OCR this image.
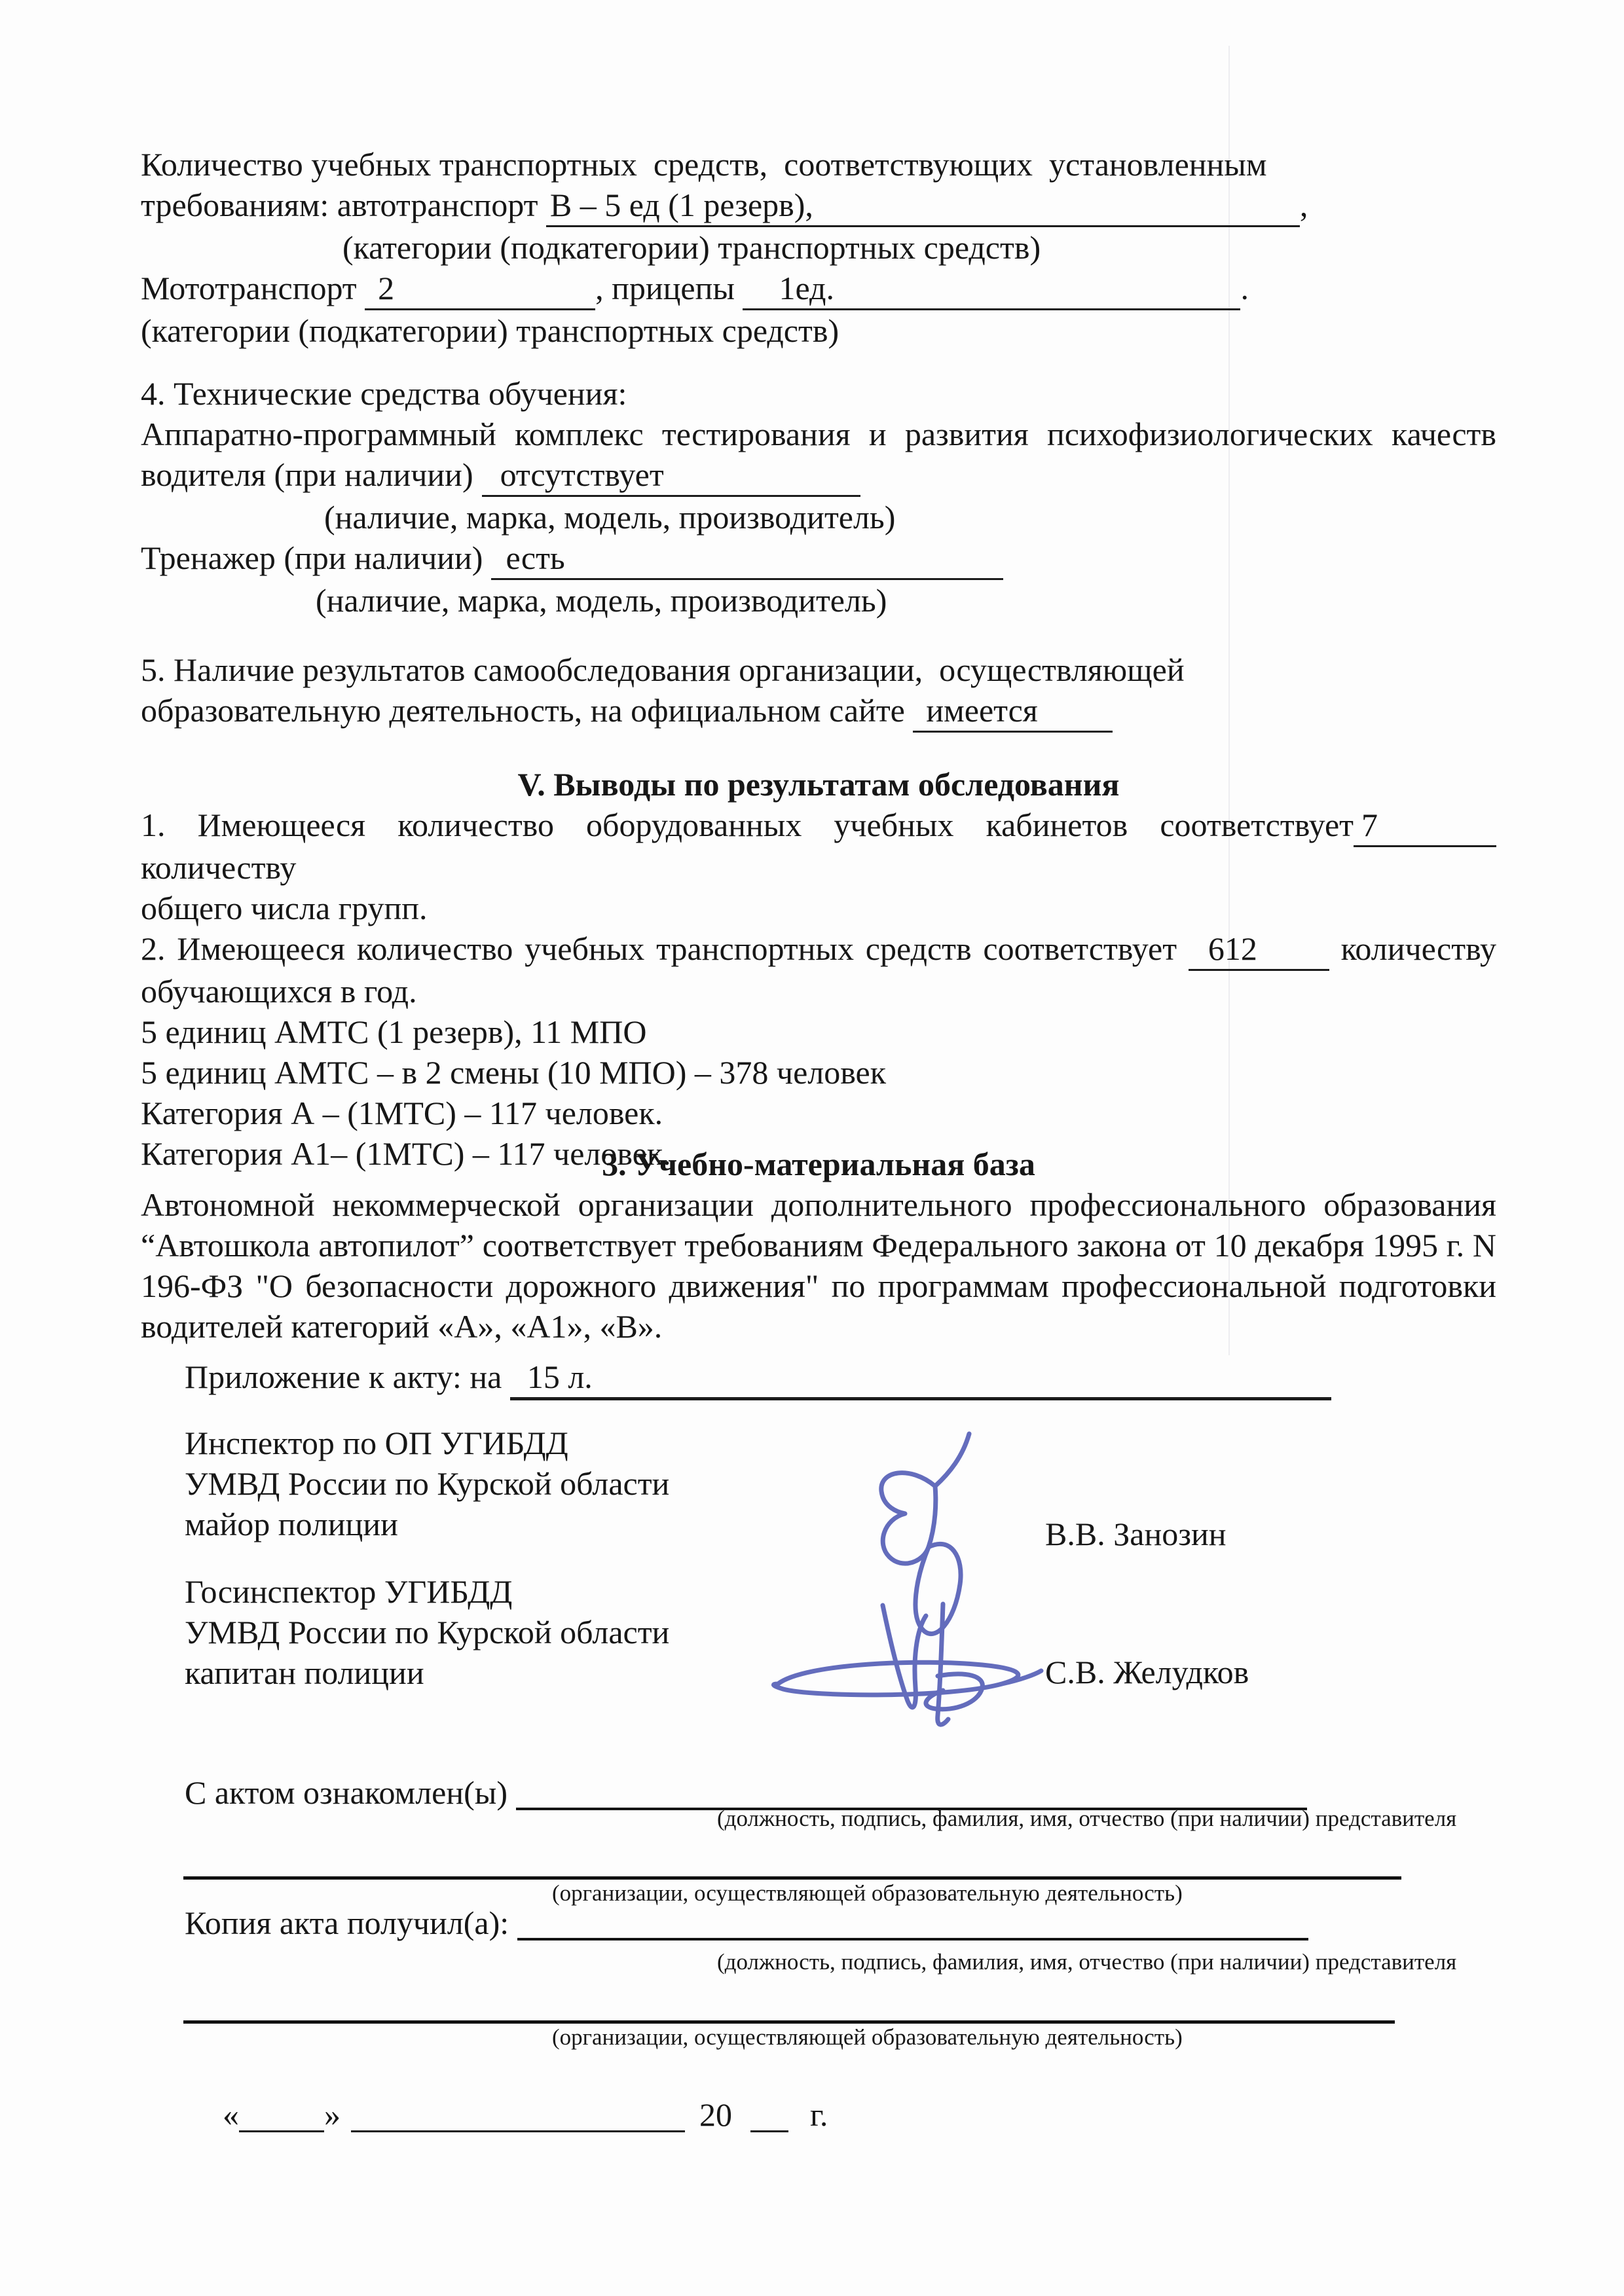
Количество учебных транспортных  средств,  соответствующих  установленным
требованиям: автотранспорт В – 5 ед (1 резерв),	,
(категории (подкатегории) транспортных средств)
Мототранспорт 2	, прицепы 1ед.	.
(категории (подкатегории) транспортных средств)
4. Технические средства обучения:
Аппаратно-программный комплекс тестирования и развития психофизиологических качеств
водителя (при наличии) отсутствует
(наличие, марка, модель, производитель)
Тренажер (при наличии) есть
(наличие, марка, модель, производитель)
5. Наличие результатов самообследования организации,  осуществляющей
образовательную деятельность, на официальном сайте имеется
V. Выводы по результатам обследования
1. Имеющееся количество оборудованных учебных кабинетов соответствует 7 количеству
общего числа групп.
2. Имеющееся количество учебных транспортных средств соответствует 612 количеству
обучающихся в год.
5 единиц АМТС (1 резерв), 11 МПО
5 единиц АМТС – в 2 смены (10 МПО) – 378 человек
Категория А – (1МТС) – 117 человек.
Категория А1– (1МТС) – 117 человек.
3. Учебно-материальная база
Автономной некоммерческой организации дополнительного профессионального образования
“Автошкола автопилот” соответствует требованиям Федерального закона от 10 декабря 1995 г. N
196-ФЗ "О безопасности дорожного движения" по программам профессиональной подготовки
водителей категорий «А», «А1», «В».
Приложение к акту: на 15 л.
Инспектор по ОП УГИБДД
УМВД России по Курской области
майор полиции	В.В. Занозин
Госинспектор УГИБДД
УМВД России по Курской области
капитан полиции	С.В. Желудков
С актом ознакомлен(ы)
(должность, подпись, фамилия, имя, отчество (при наличии) представителя
(организации, осуществляющей образовательную деятельность)
Копия акта получил(а):
(должность, подпись, фамилия, имя, отчество (при наличии) представителя
(организации, осуществляющей образовательную деятельность)

«	»	20 г.
